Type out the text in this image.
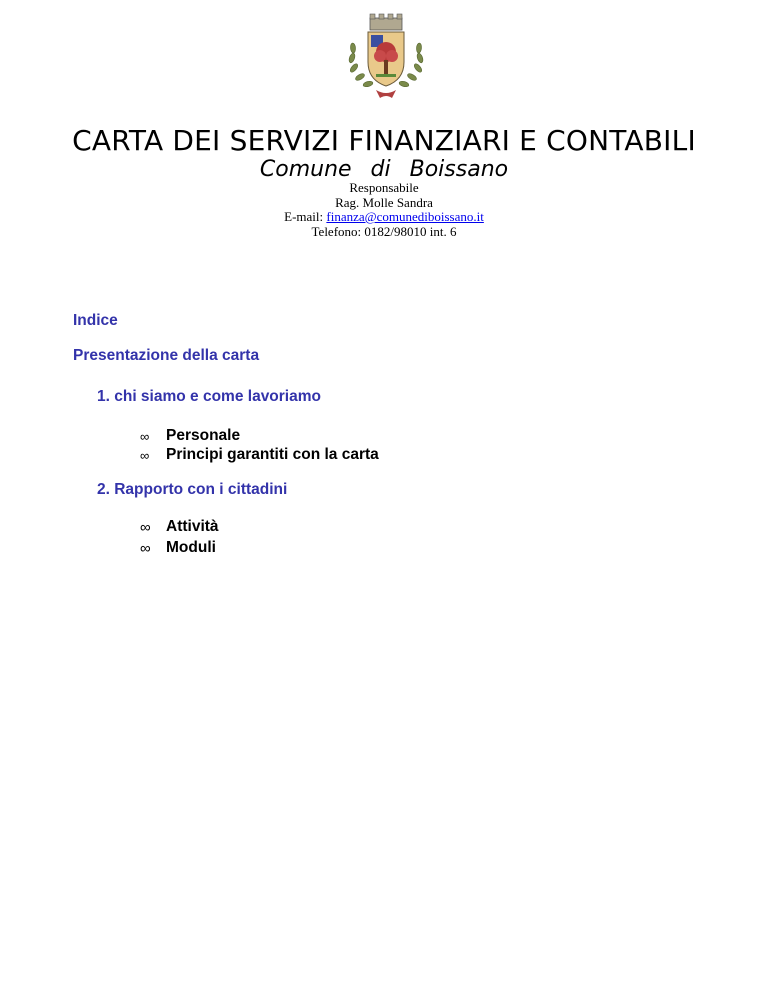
CARTA DEI SERVIZI FINANZIARI E CONTABILI
Comune di Boissano
Responsabile
Rag. Molle Sandra
E-mail: finanza@comunediboissano.it
Telefono: 0182/98010 int. 6
Indice
Presentazione della carta
1. chi siamo e come lavoriamo
∞ Personale
∞ Principi garantiti con la carta
2. Rapporto con i cittadini
∞ Attività
∞ Moduli
